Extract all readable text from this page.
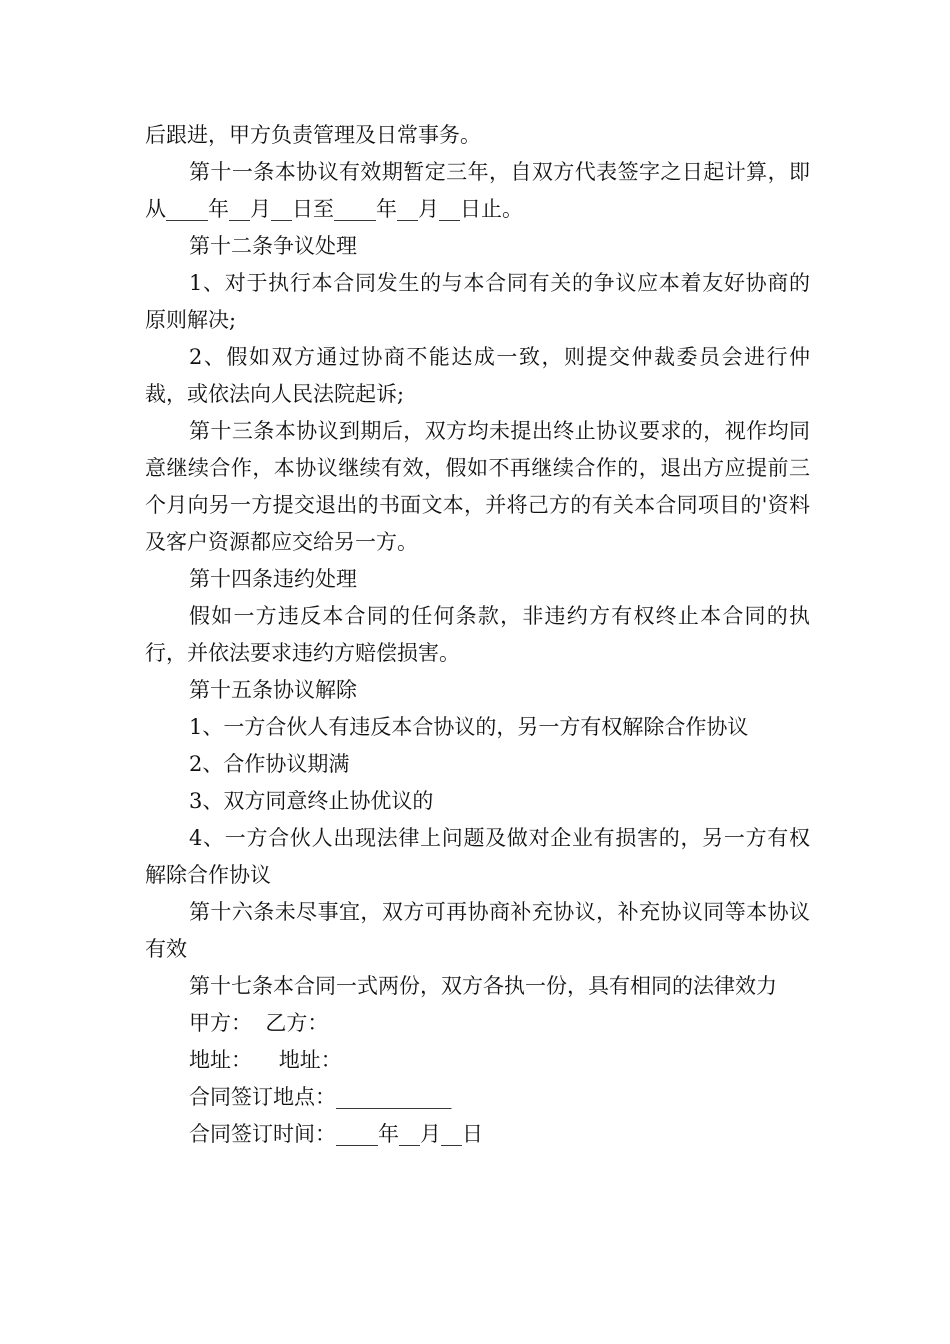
后跟进，甲方负责管理及日常事务。

第十一条本协议有效期暂定三年，自双方代表签字之日起计算，即从____年__月__日至____年__月__日止。

第十二条争议处理

1、对于执行本合同发生的与本合同有关的争议应本着友好协商的原则解决;

2、假如双方通过协商不能达成一致，则提交仲裁委员会进行仲裁，或依法向人民法院起诉;

第十三条本协议到期后，双方均未提出终止协议要求的，视作均同意继续合作，本协议继续有效，假如不再继续合作的，退出方应提前三个月向另一方提交退出的书面文本，并将己方的有关本合同项目的'资料及客户资源都应交给另一方。

第十四条违约处理

假如一方违反本合同的任何条款，非违约方有权终止本合同的执行，并依法要求违约方赔偿损害。

第十五条协议解除

1、一方合伙人有违反本合协议的，另一方有权解除合作协议

2、合作协议期满

3、双方同意终止协优议的

4、一方合伙人出现法律上问题及做对企业有损害的，另一方有权解除合作协议

第十六条未尽事宜，双方可再协商补充协议，补充协议同等本协议有效

第十七条本合同一式两份，双方各执一份，具有相同的法律效力

甲方：  乙方：

地址：    地址：

合同签订地点：___________

合同签订时间：____年__月__日
